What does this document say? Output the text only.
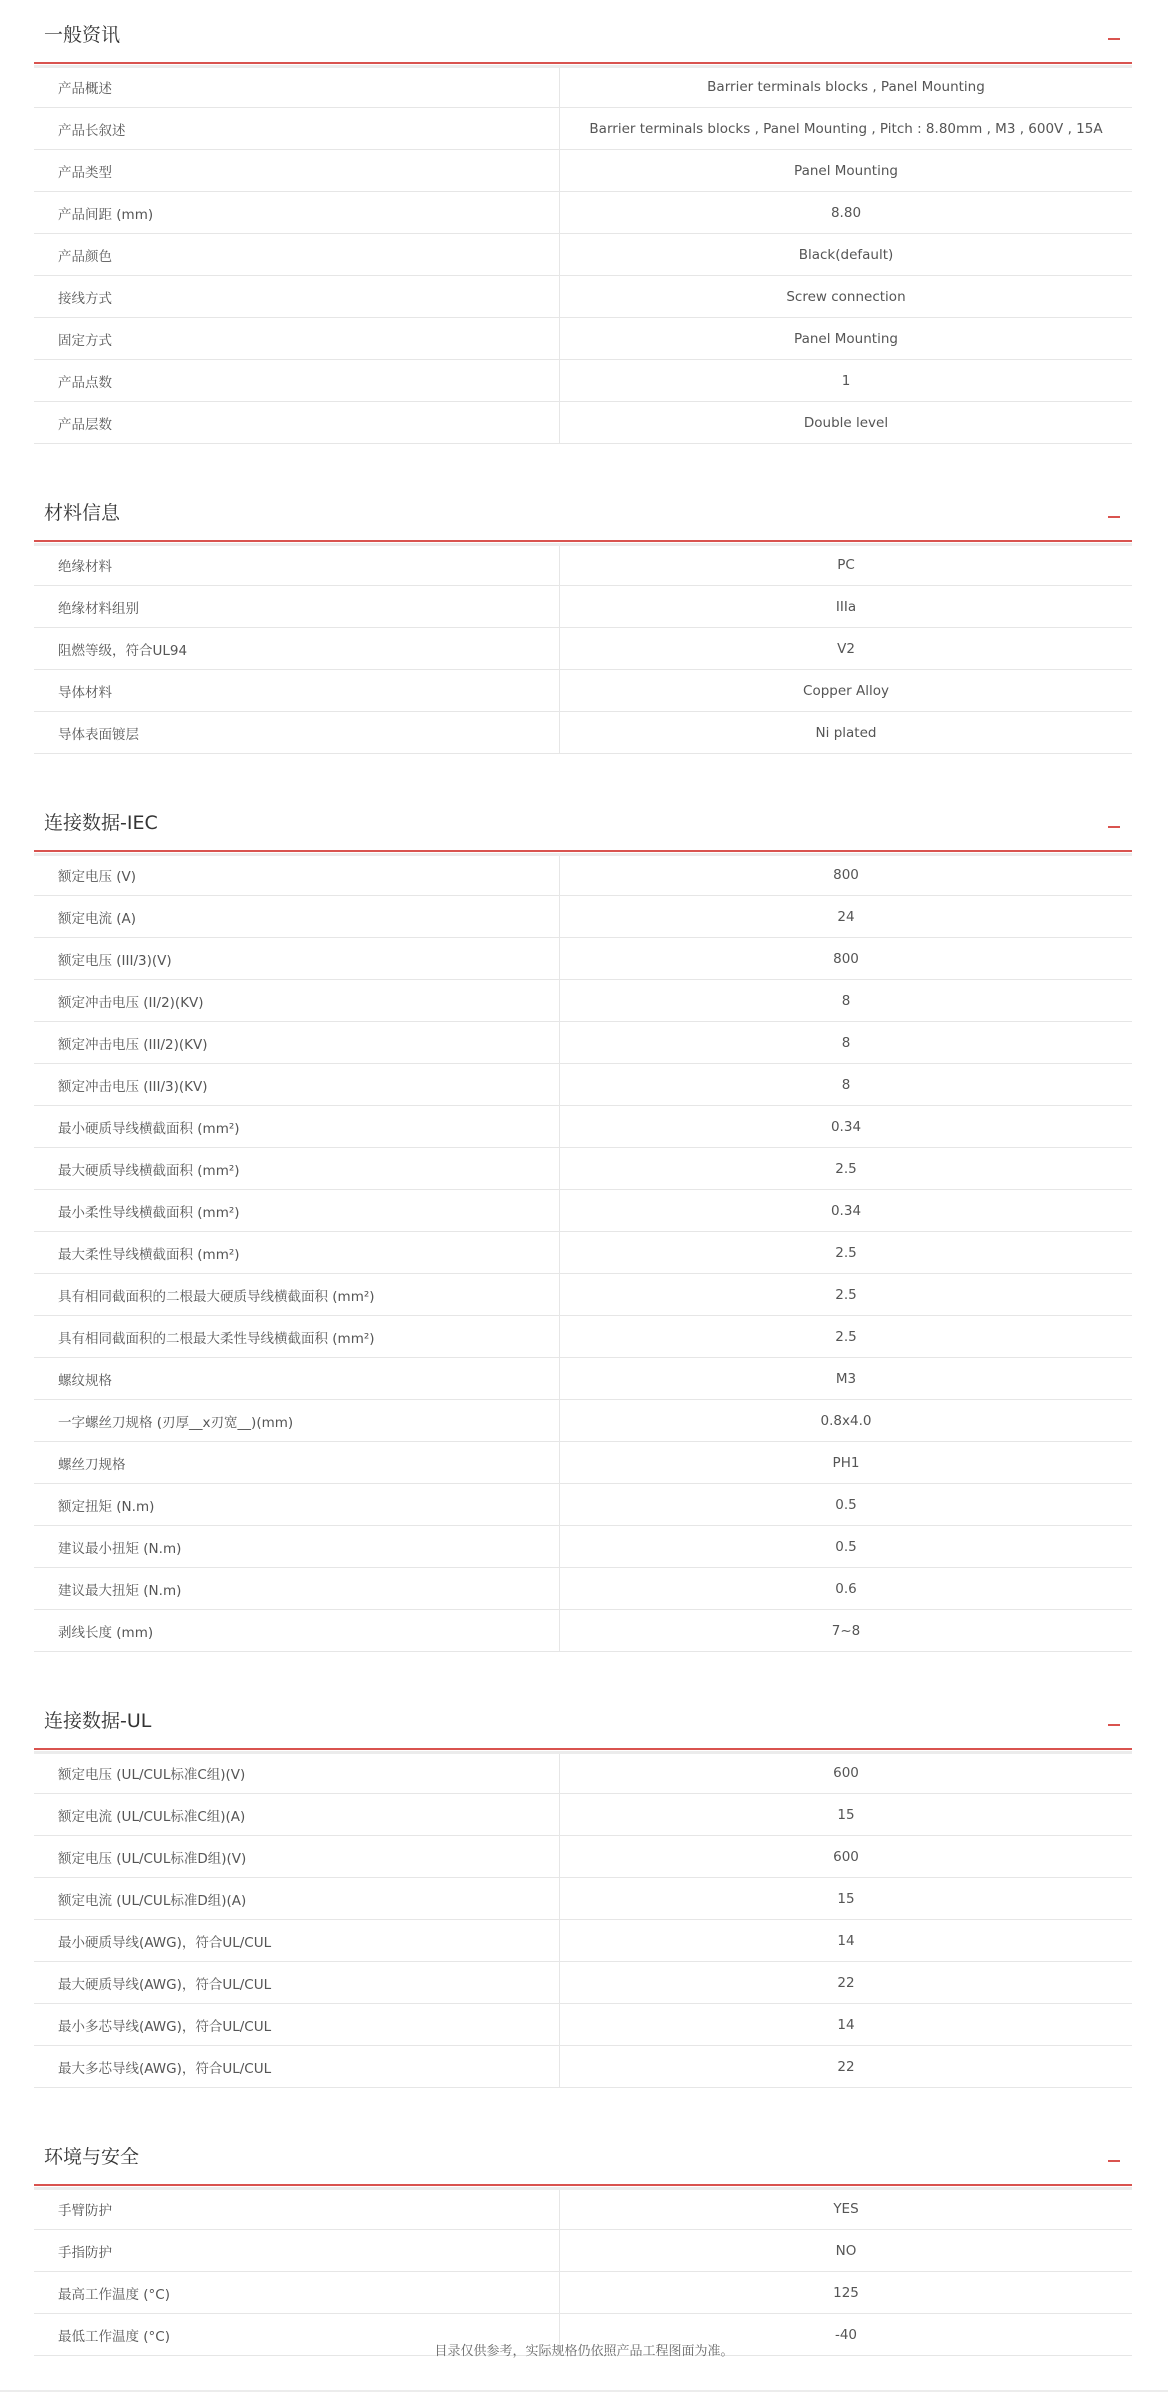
一般资讯
产品概述	Barrier terminals blocks , Panel Mounting
产品长叙述	Barrier terminals blocks , Panel Mounting , Pitch : 8.80mm , M3 , 600V , 15A
产品类型	Panel Mounting
产品间距 (mm)	8.80
产品颜色	Black(default)
接线方式	Screw connection
固定方式	Panel Mounting
产品点数	1
产品层数	Double level
材料信息
绝缘材料	PC
绝缘材料组别	IIIa
阻燃等级，符合UL94	V2
导体材料	Copper Alloy
导体表面镀层	Ni plated
连接数据-IEC
额定电压 (V)	800
额定电流 (A)	24
额定电压 (III/3)(V)	800
额定冲击电压 (II/2)(KV)	8
额定冲击电压 (III/2)(KV)	8
额定冲击电压 (III/3)(KV)	8
最小硬质导线横截面积 (mm²)	0.34
最大硬质导线横截面积 (mm²)	2.5
最小柔性导线横截面积 (mm²)	0.34
最大柔性导线横截面积 (mm²)	2.5
具有相同截面积的二根最大硬质导线横截面积 (mm²)	2.5
具有相同截面积的二根最大柔性导线横截面积 (mm²)	2.5
螺纹规格	M3
一字螺丝刀规格 (刃厚__x刃宽__)(mm)	0.8x4.0
螺丝刀规格	PH1
额定扭矩 (N.m)	0.5
建议最小扭矩 (N.m)	0.5
建议最大扭矩 (N.m)	0.6
剥线长度 (mm)	7~8
连接数据-UL
额定电压 (UL/CUL标准C组)(V)	600
额定电流 (UL/CUL标准C组)(A)	15
额定电压 (UL/CUL标准D组)(V)	600
额定电流 (UL/CUL标准D组)(A)	15
最小硬质导线(AWG)，符合UL/CUL	14
最大硬质导线(AWG)，符合UL/CUL	22
最小多芯导线(AWG)，符合UL/CUL	14
最大多芯导线(AWG)，符合UL/CUL	22
环境与安全
手臂防护	YES
手指防护	NO
最高工作温度 (°C)	125
最低工作温度 (°C)	-40
目录仅供参考，实际规格仍依照产品工程图面为准。
